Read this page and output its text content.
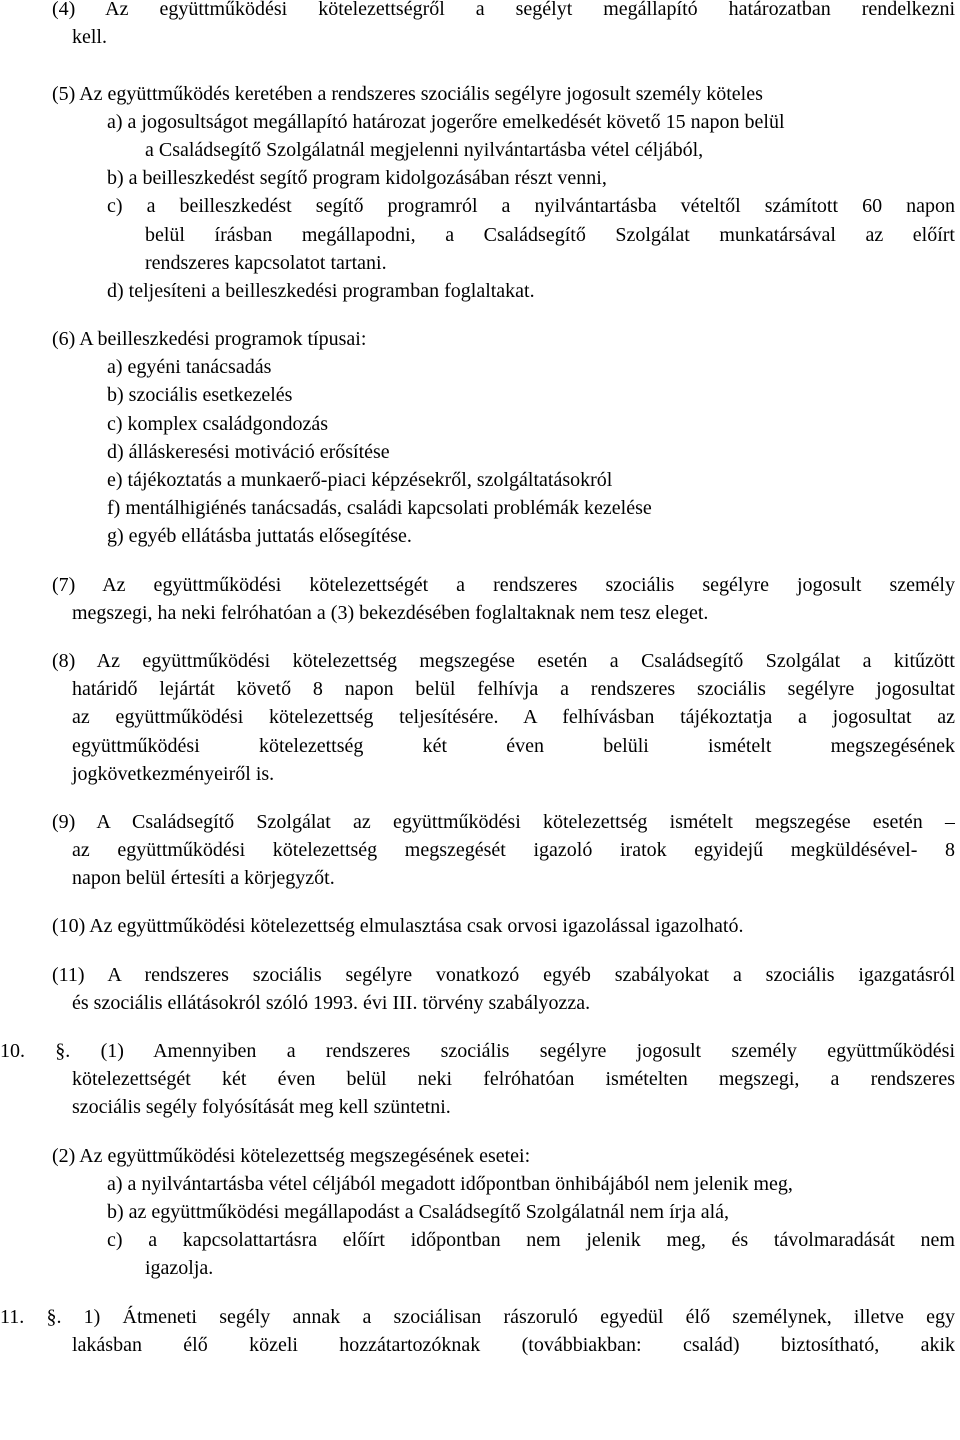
(4) Az együttműködési kötelezettségről a segélyt megállapító határozatban rendelkezni
kell.
(5) Az együttműködés keretében a rendszeres szociális segélyre jogosult személy köteles
a) a jogosultságot megállapító határozat jogerőre emelkedését követő 15 napon belül
a Családsegítő Szolgálatnál megjelenni nyilvántartásba vétel céljából,
b) a beilleszkedést segítő program kidolgozásában részt venni,
c) a beilleszkedést segítő programról a nyilvántartásba vételtől számított 60 napon
belül írásban megállapodni, a Családsegítő Szolgálat munkatársával az előírt
rendszeres kapcsolatot tartani.
d) teljesíteni a beilleszkedési programban foglaltakat.
(6) A beilleszkedési programok típusai:
a) egyéni tanácsadás
b) szociális esetkezelés
c) komplex családgondozás
d) álláskeresési motiváció erősítése
e) tájékoztatás a munkaerő-piaci képzésekről, szolgáltatásokról
f) mentálhigiénés tanácsadás, családi kapcsolati problémák kezelése
g) egyéb ellátásba juttatás elősegítése.
(7) Az együttműködési kötelezettségét a rendszeres szociális segélyre jogosult személy
megszegi, ha neki felróhatóan a (3) bekezdésében foglaltaknak nem tesz eleget.
(8) Az együttműködési kötelezettség megszegése esetén a Családsegítő Szolgálat a kitűzött
határidő lejártát követő 8 napon belül felhívja a rendszeres szociális segélyre jogosultat
az együttműködési kötelezettség teljesítésére. A felhívásban tájékoztatja a jogosultat az
együttműködési kötelezettség két éven belüli ismételt megszegésének
jogkövetkezményeiről is.
(9) A Családsegítő Szolgálat az együttműködési kötelezettség ismételt megszegése esetén –
az együttműködési kötelezettség megszegését igazoló iratok egyidejű megküldésével- 8
napon belül értesíti a körjegyzőt.
(10) Az együttműködési kötelezettség elmulasztása csak orvosi igazolással igazolható.
(11) A rendszeres szociális segélyre vonatkozó egyéb szabályokat a szociális igazgatásról
és szociális ellátásokról szóló 1993. évi III. törvény szabályozza.
10. §. (1) Amennyiben a rendszeres szociális segélyre jogosult személy együttműködési
kötelezettségét két éven belül neki felróhatóan ismételten megszegi, a rendszeres
szociális segély folyósítását meg kell szüntetni.
(2) Az együttműködési kötelezettség megszegésének esetei:
a) a nyilvántartásba vétel céljából megadott időpontban önhibájából nem jelenik meg,
b) az együttműködési megállapodást a Családsegítő Szolgálatnál nem írja alá,
c) a kapcsolattartásra előírt időpontban nem jelenik meg, és távolmaradását nem
igazolja.
11. §. 1) Átmeneti segély annak a szociálisan rászoruló egyedül élő személynek, illetve egy
lakásban élő közeli hozzátartozóknak (továbbiakban: család) biztosítható, akik
